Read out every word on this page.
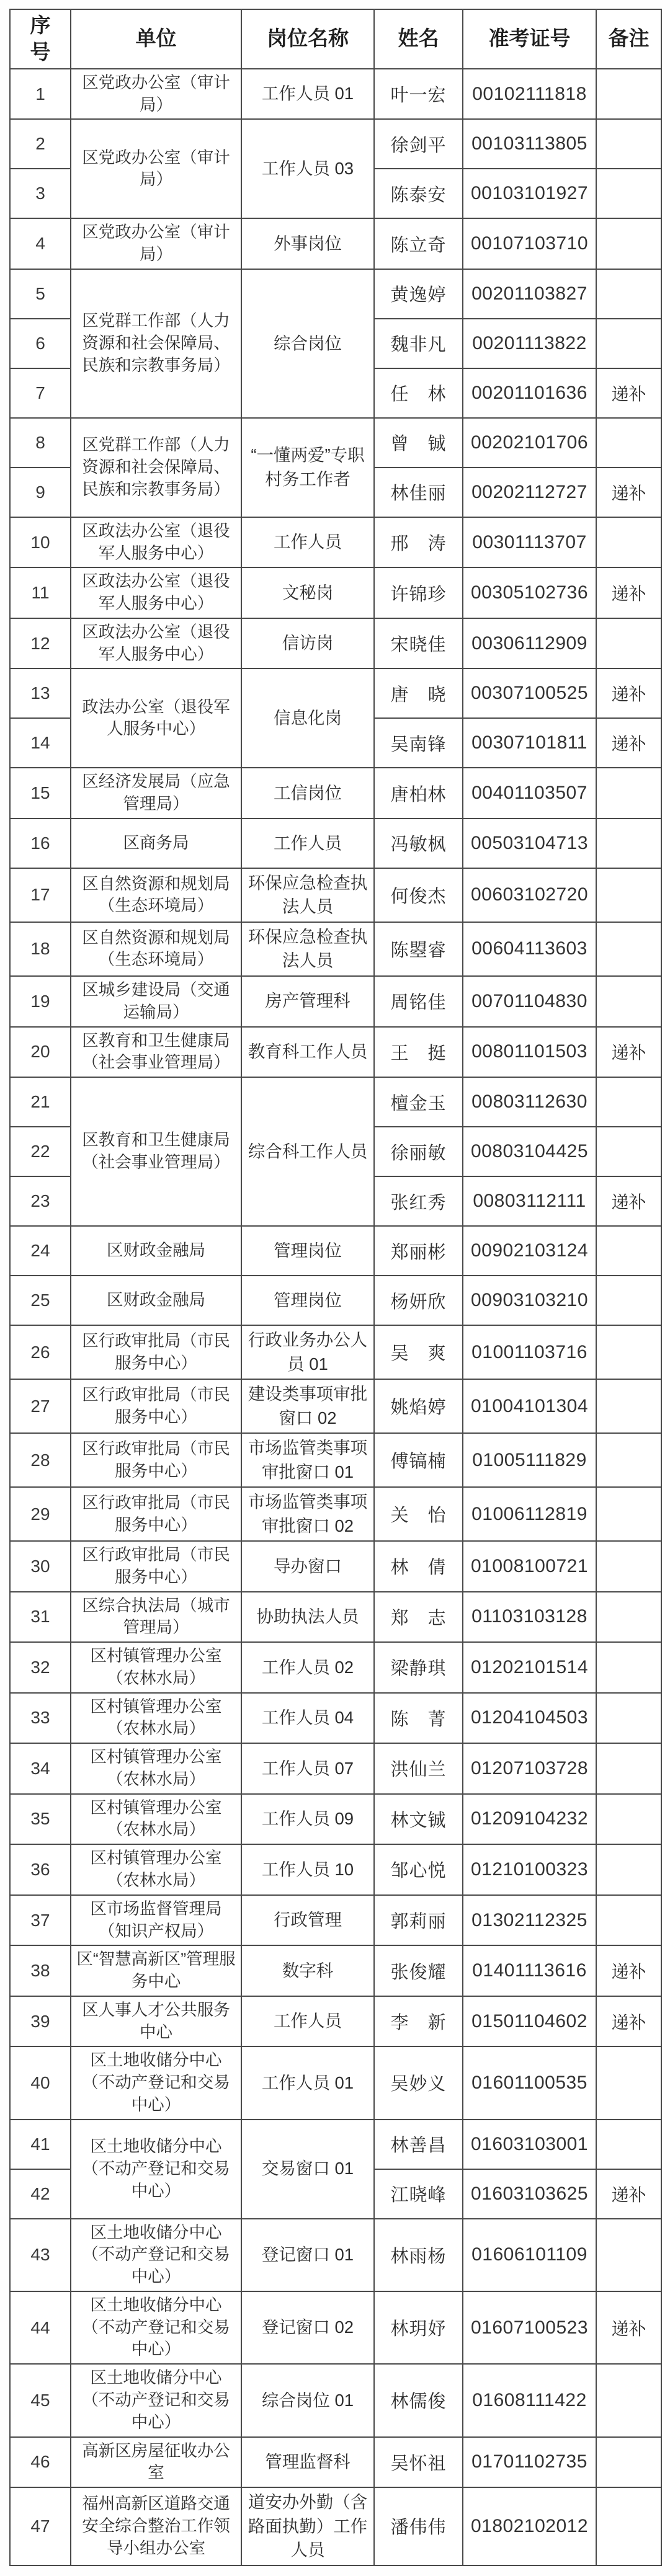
序号	单位	岗位名称	姓名	准考证号	备注
1	区党政办公室（审计局）	工作人员 01	叶一宏	00102111818	
2	区党政办公室（审计局）	工作人员 03	徐剑平	00103113805	
3			陈泰安	00103101927	
4	区党政办公室（审计局）	外事岗位	陈立奇	00107103710	
5	区党群工作部（人力资源和社会保障局、民族和宗教事务局）	综合岗位	黄逸婷	00201103827	
6			魏非凡	00201113822	
7			任　林	00201101636	递补
8	区党群工作部（人力资源和社会保障局、民族和宗教事务局）	“一懂两爱”专职村务工作者	曾　铖	00202101706	
9			林佳丽	00202112727	递补
10	区政法办公室（退役军人服务中心）	工作人员	邢　涛	00301113707	
11	区政法办公室（退役军人服务中心）	文秘岗	许锦珍	00305102736	递补
12	区政法办公室（退役军人服务中心）	信访岗	宋晓佳	00306112909	
13	政法办公室（退役军人服务中心）	信息化岗	唐　晓	00307100525	递补
14			吴南锋	00307101811	递补
15	区经济发展局（应急管理局）	工信岗位	唐柏林	00401103507	
16	区商务局	工作人员	冯敏枫	00503104713	
17	区自然资源和规划局（生态环境局）	环保应急检查执法人员	何俊杰	00603102720	
18	区自然资源和规划局（生态环境局）	环保应急检查执法人员	陈曌睿	00604113603	
19	区城乡建设局（交通运输局）	房产管理科	周铭佳	00701104830	
20	区教育和卫生健康局（社会事业管理局）	教育科工作人员	王　挺	00801101503	递补
21	区教育和卫生健康局（社会事业管理局）	综合科工作人员	檀金玉	00803112630	
22			徐丽敏	00803104425	
23			张红秀	00803112111	递补
24	区财政金融局	管理岗位	郑丽彬	00902103124	
25	区财政金融局	管理岗位	杨妍欣	00903103210	
26	区行政审批局（市民服务中心）	行政业务办公人员 01	吴　爽	01001103716	
27	区行政审批局（市民服务中心）	建设类事项审批窗口 02	姚焰婷	01004101304	
28	区行政审批局（市民服务中心）	市场监管类事项审批窗口 01	傅镐楠	01005111829	
29	区行政审批局（市民服务中心）	市场监管类事项审批窗口 02	关　怡	01006112819	
30	区行政审批局（市民服务中心）	导办窗口	林　倩	01008100721	
31	区综合执法局（城市管理局）	协助执法人员	郑　志	01103103128	
32	区村镇管理办公室（农林水局）	工作人员 02	梁静琪	01202101514	
33	区村镇管理办公室（农林水局）	工作人员 04	陈　菁	01204104503	
34	区村镇管理办公室（农林水局）	工作人员 07	洪仙兰	01207103728	
35	区村镇管理办公室（农林水局）	工作人员 09	林文铖	01209104232	
36	区村镇管理办公室（农林水局）	工作人员 10	邹心悦	01210100323	
37	区市场监督管理局（知识产权局）	行政管理	郭莉丽	01302112325	
38	区“智慧高新区”管理服务中心	数字科	张俊耀	01401113616	递补
39	区人事人才公共服务中心	工作人员	李　新	01501104602	递补
40	区土地收储分中心（不动产登记和交易中心）	工作人员 01	吴妙义	01601100535	
41	区土地收储分中心（不动产登记和交易中心）	交易窗口 01	林善昌	01603103001	
42			江晓峰	01603103625	递补
43	区土地收储分中心（不动产登记和交易中心）	登记窗口 01	林雨杨	01606101109	
44	区土地收储分中心（不动产登记和交易中心）	登记窗口 02	林玥妤	01607100523	递补
45	区土地收储分中心（不动产登记和交易中心）	综合岗位 01	林儒俊	01608111422	
46	高新区房屋征收办公室	管理监督科	吴怀祖	01701102735	
47	福州高新区道路交通安全综合整治工作领导小组办公室	道安办外勤（含路面执勤）工作人员	潘伟伟	01802102012	
